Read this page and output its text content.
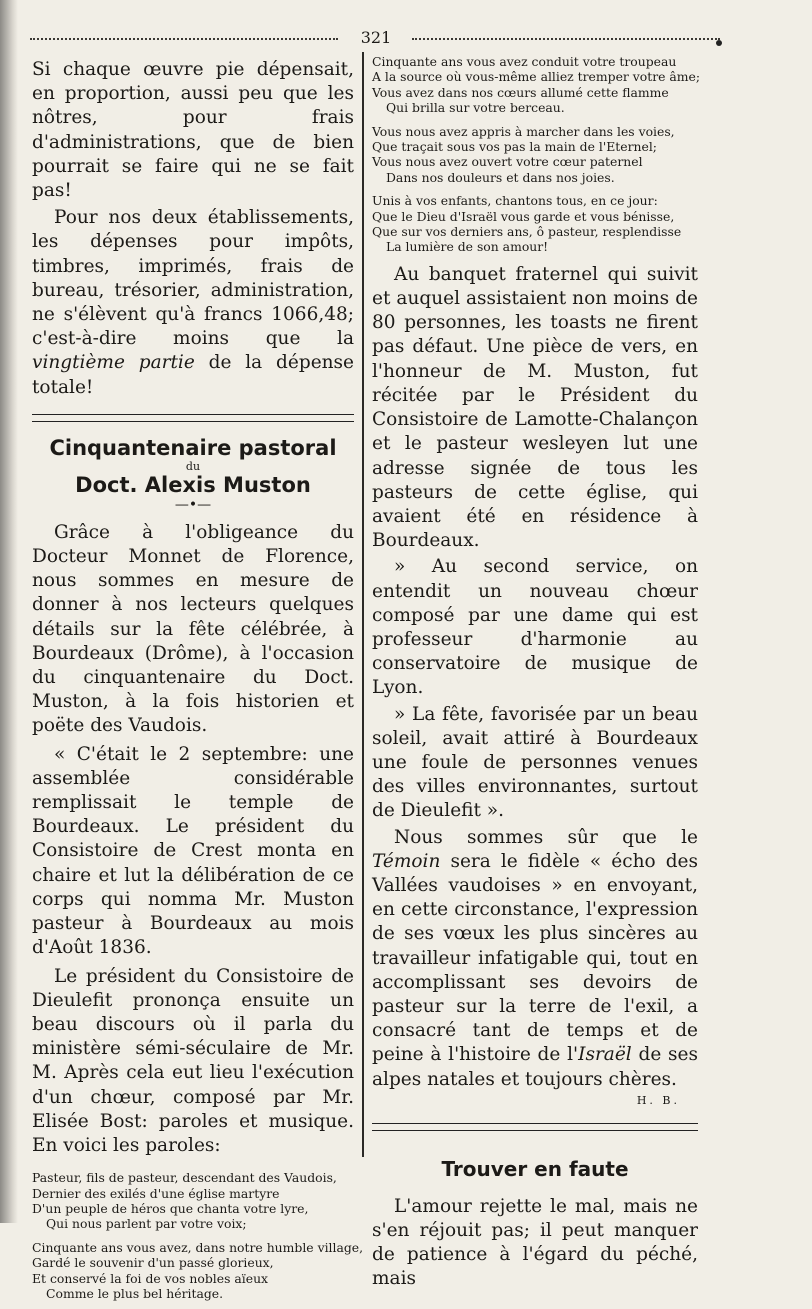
321

Si chaque œuvre pie dépensait, en proportion, aussi peu que les nôtres, pour frais d'administrations, que de bien pourrait se faire qui ne se fait pas!

Pour nos deux établissements, les dépenses pour impôts, timbres, imprimés, frais de bureau, trésorier, administration, ne s'élèvent qu'à francs 1066,48; c'est-à-dire moins que la vingtième partie de la dépense totale!

Cinquantenaire pastoral

du

Doct. Alexis Muston

—•—

Grâce à l'obligeance du Docteur Monnet de Florence, nous sommes en mesure de donner à nos lecteurs quelques détails sur la fête célébrée, à Bourdeaux (Drôme), à l'occasion du cinquantenaire du Doct. Muston, à la fois historien et poëte des Vaudois.

« C'était le 2 septembre: une assemblée considérable remplissait le temple de Bourdeaux. Le président du Consistoire de Crest monta en chaire et lut la délibération de ce corps qui nomma Mr. Muston pasteur à Bourdeaux au mois d'Août 1836.

Le président du Consistoire de Dieulefit prononça ensuite un beau discours où il parla du ministère sémi-séculaire de Mr. M. Après cela eut lieu l'exécution d'un chœur, composé par Mr. Elisée Bost: paroles et musique. En voici les paroles:

Pasteur, fils de pasteur, descendant des Vaudois,
Dernier des exilés d'une église martyre
D'un peuple de héros que chanta votre lyre,
Qui nous parlent par votre voix;
Cinquante ans vous avez, dans notre humble village,
Gardé le souvenir d'un passé glorieux,
Et conservé la foi de vos nobles aïeux
Comme le plus bel héritage.
Cinquante ans vous avez conduit votre troupeau
A la source où vous-même alliez tremper votre âme;
Vous avez dans nos cœurs allumé cette flamme
Qui brilla sur votre berceau.
Vous nous avez appris à marcher dans les voies,
Que traçait sous vos pas la main de l'Eternel;
Vous nous avez ouvert votre cœur paternel
Dans nos douleurs et dans nos joies.
Unis à vos enfants, chantons tous, en ce jour:
Que le Dieu d'Israël vous garde et vous bénisse,
Que sur vos derniers ans, ô pasteur, resplendisse
La lumière de son amour!

Au banquet fraternel qui suivit et auquel assistaient non moins de 80 personnes, les toasts ne firent pas défaut. Une pièce de vers, en l'honneur de M. Muston, fut récitée par le Président du Consistoire de Lamotte-Chalançon et le pasteur wesleyen lut une adresse signée de tous les pasteurs de cette église, qui avaient été en résidence à Bourdeaux.

» Au second service, on entendit un nouveau chœur composé par une dame qui est professeur d'harmonie au conservatoire de musique de Lyon.

» La fête, favorisée par un beau soleil, avait attiré à Bourdeaux une foule de personnes venues des villes environnantes, surtout de Dieulefit ».

Nous sommes sûr que le Témoin sera le fidèle « écho des Vallées vaudoises » en envoyant, en cette circonstance, l'expression de ses vœux les plus sincères au travailleur infatigable qui, tout en accomplissant ses devoirs de pasteur sur la terre de l'exil, a consacré tant de temps et de peine à l'histoire de l'Israël de ses alpes natales et toujours chères.

H. B.

Trouver en faute

L'amour rejette le mal, mais ne s'en réjouit pas; il peut manquer de patience à l'égard du péché, mais
